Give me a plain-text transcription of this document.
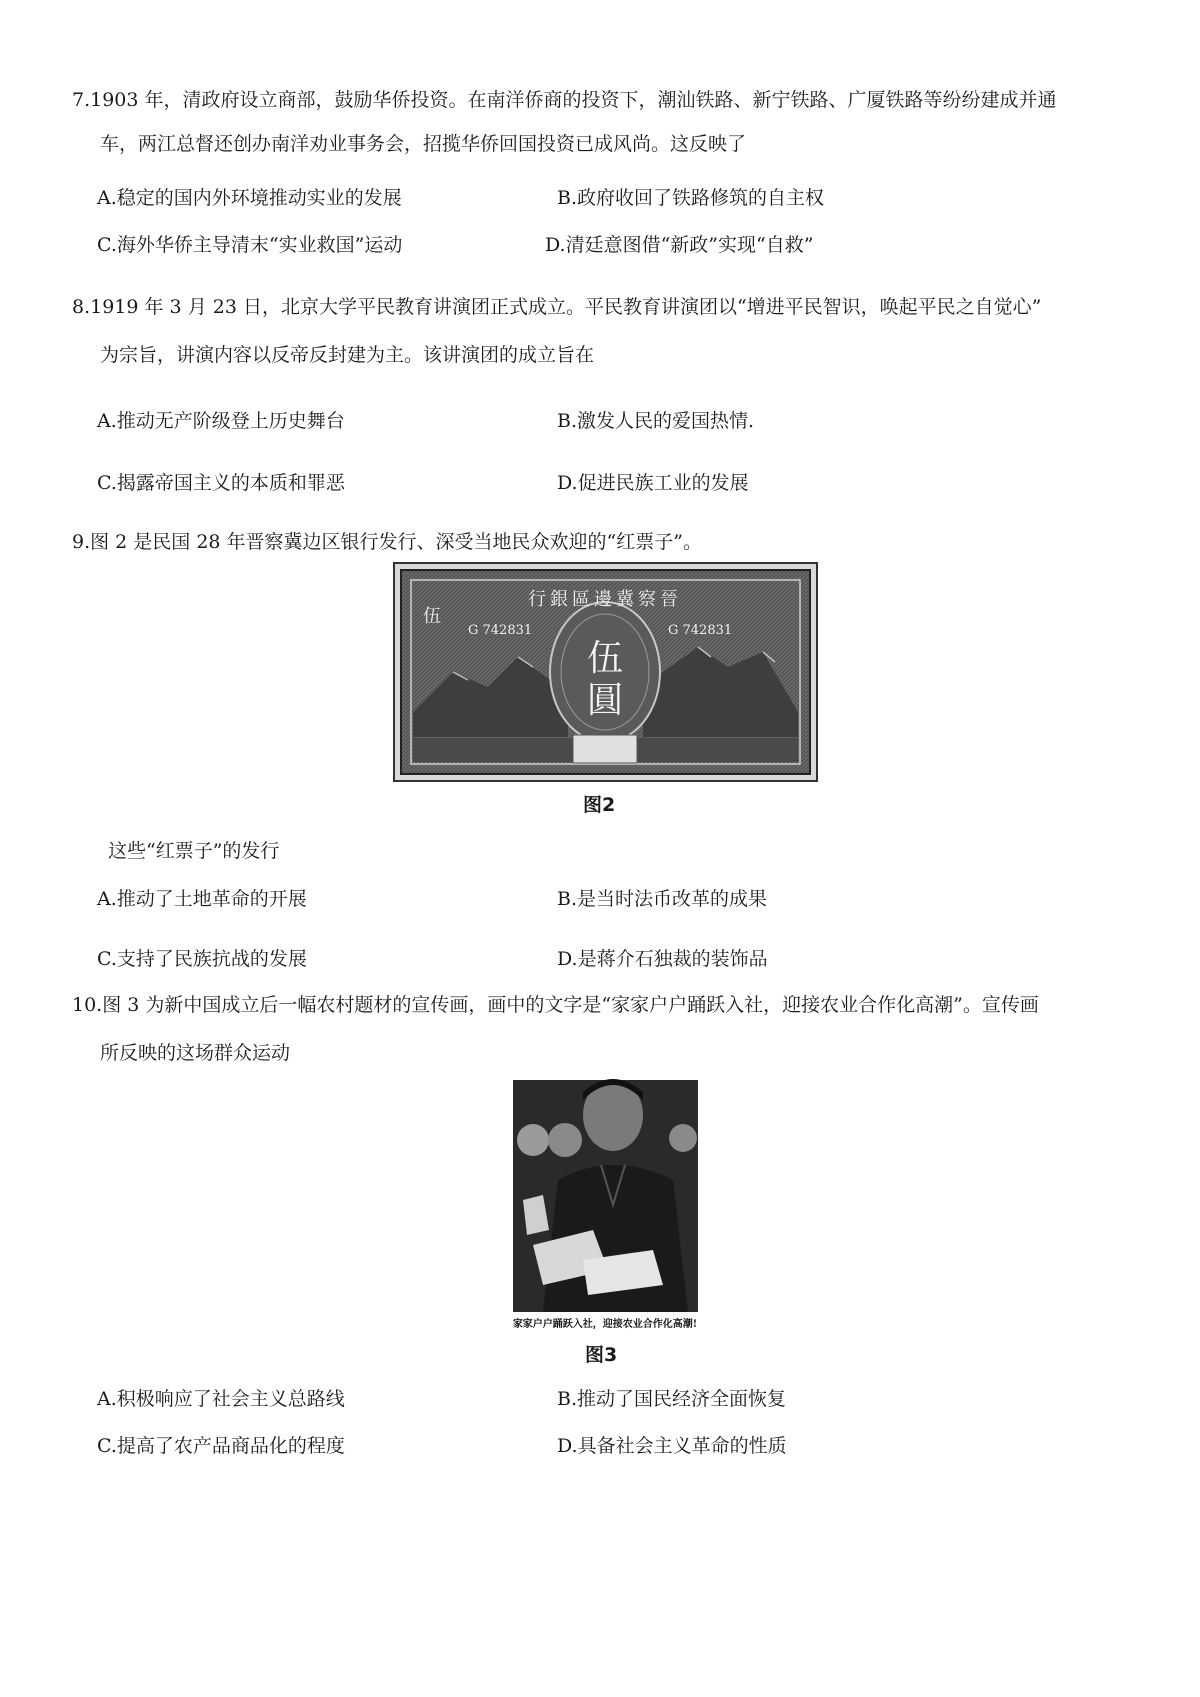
7.1903 年，清政府设立商部，鼓励华侨投资。在南洋侨商的投资下，潮汕铁路、新宁铁路、广厦铁路等纷纷建成并通
车，两江总督还创办南洋劝业事务会，招揽华侨回国投资已成风尚。这反映了
A.稳定的国内外环境推动实业的发展	B.政府收回了铁路修筑的自主权
C.海外华侨主导清末“实业救国”运动	D.清廷意图借“新政”实现“自救”
8.1919 年 3 月 23 日，北京大学平民教育讲演团正式成立。平民教育讲演团以“增进平民智识，唤起平民之自觉心”
为宗旨，讲演内容以反帝反封建为主。该讲演团的成立旨在
A.推动无产阶级登上历史舞台	B.激发人民的爱国热情.
C.揭露帝国主义的本质和罪恶	D.促进民族工业的发展
9.图 2 是民国 28 年晋察冀边区银行发行、深受当地民众欢迎的“红票子”。
行銀區邊冀察晉
G 742831	G 742831
伍
圓
伍
图2
这些“红票子”的发行
A.推动了土地革命的开展	B.是当时法币改革的成果
C.支持了民族抗战的发展	D.是蒋介石独裁的装饰品
10.图 3 为新中国成立后一幅农村题材的宣传画，画中的文字是“家家户户踊跃入社，迎接农业合作化高潮”。宣传画
所反映的这场群众运动
家家户户踊跃入社，迎接农业合作化高潮!
图3
A.积极响应了社会主义总路线	B.推动了国民经济全面恢复
C.提高了农产品商品化的程度	D.具备社会主义革命的性质
